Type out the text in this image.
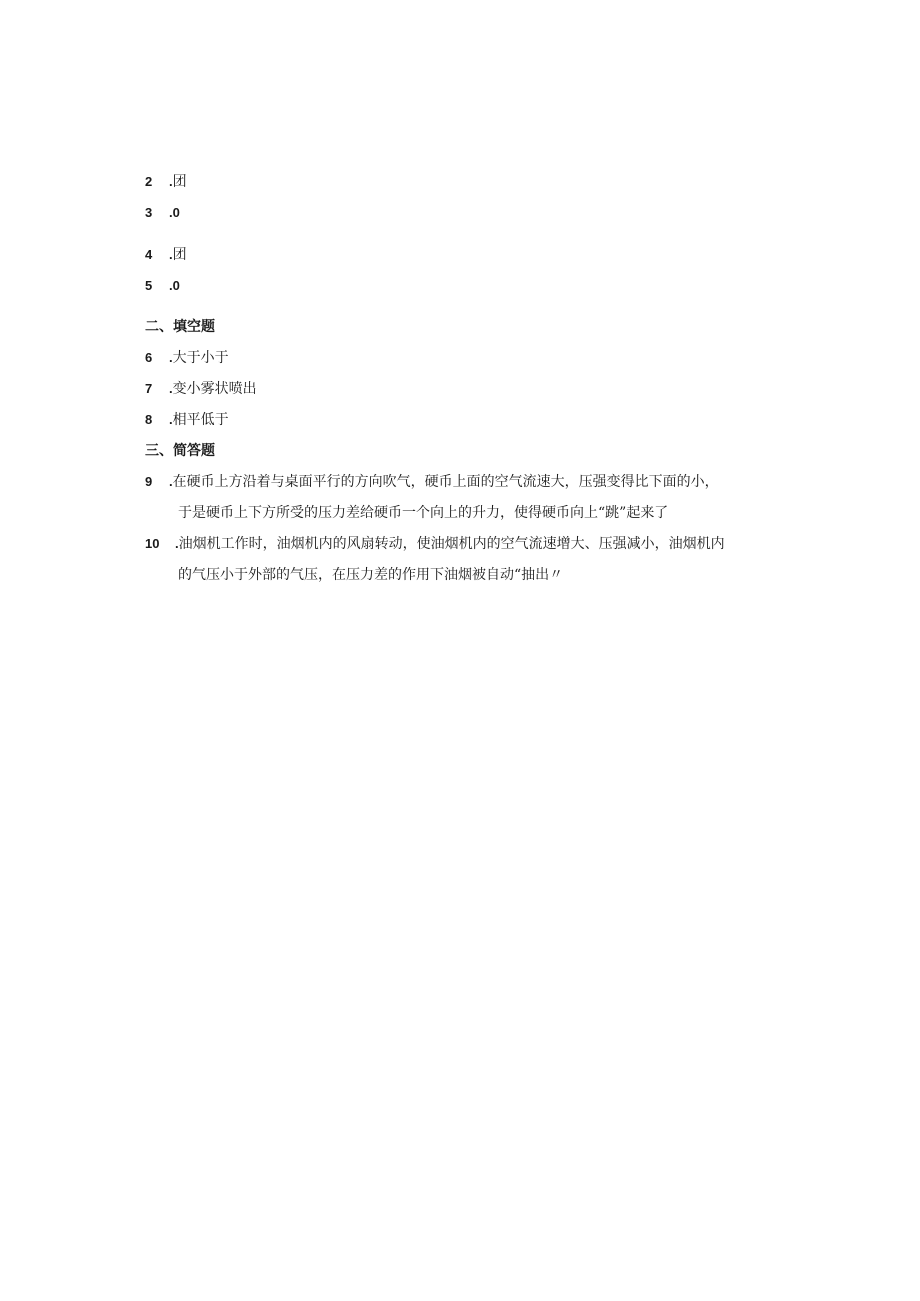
2 .团
3 .0
4 .团
5 .0
二、填空题
6 .大于小于
7 .变小雾状喷出
8 .相平低于
三、简答题
9 .在硬币上方沿着与桌面平行的方向吹气，硬币上面的空气流速大，压强变得比下面的小，
于是硬币上下方所受的压力差给硬币一个向上的升力，使得硬币向上“跳”起来了
10 .油烟机工作时，油烟机内的风扇转动，使油烟机内的空气流速增大、压强减小，油烟机内
的气压小于外部的气压，在压力差的作用下油烟被自动“抽出〃
